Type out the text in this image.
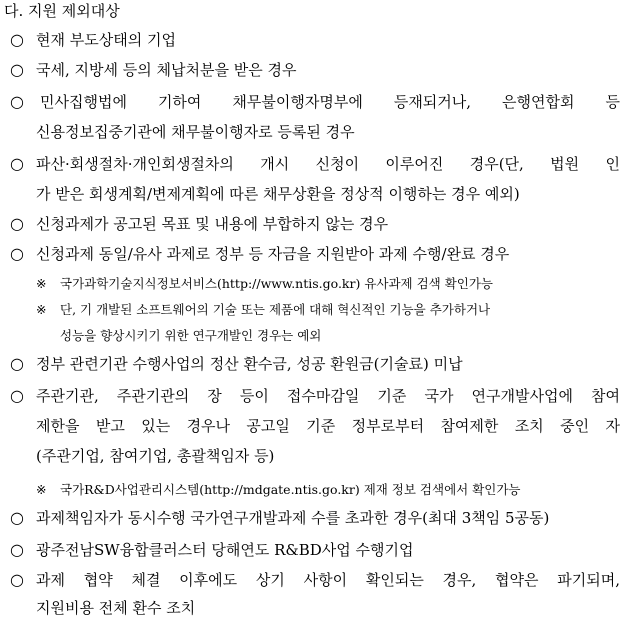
다. 지원 제외대상
○ 현재 부도상태의 기업
○ 국세, 지방세 등의 체납처분을 받은 경우
○ 민사집행법에 기하여 채무불이행자명부에 등재되거나, 은행연합회 등
신용정보집중기관에 채무불이행자로 등록된 경우
○ 파산·회생절차·개인회생절차의 개시 신청이 이루어진 경우(단, 법원 인
가 받은 회생계획/변제계획에 따른 채무상환을 정상적 이행하는 경우 예외)
○ 신청과제가 공고된 목표 및 내용에 부합하지 않는 경우
○ 신청과제 동일/유사 과제로 정부 등 자금을 지원받아 과제 수행/완료 경우
※ 국가과학기술지식정보서비스(http://www.ntis.go.kr) 유사과제 검색 확인가능
※ 단, 기 개발된 소프트웨어의 기술 또는 제품에 대해 혁신적인 기능을 추가하거나
성능을 향상시키기 위한 연구개발인 경우는 예외
○ 정부 관련기관 수행사업의 정산 환수금, 성공 환원금(기술료) 미납
○ 주관기관, 주관기관의 장 등이 접수마감일 기준 국가 연구개발사업에 참여
제한을 받고 있는 경우나 공고일 기준 정부로부터 참여제한 조치 중인 자
(주관기업, 참여기업, 총괄책임자 등)
※ 국가R&D사업관리시스템(http://mdgate.ntis.go.kr) 제재 정보 검색에서 확인가능
○ 과제책임자가 동시수행 국가연구개발과제 수를 초과한 경우(최대 3책임 5공동)
○ 광주전남SW융합클러스터 당해연도 R&BD사업 수행기업
○ 과제 협약 체결 이후에도 상기 사항이 확인되는 경우, 협약은 파기되며,
지원비용 전체 환수 조치
